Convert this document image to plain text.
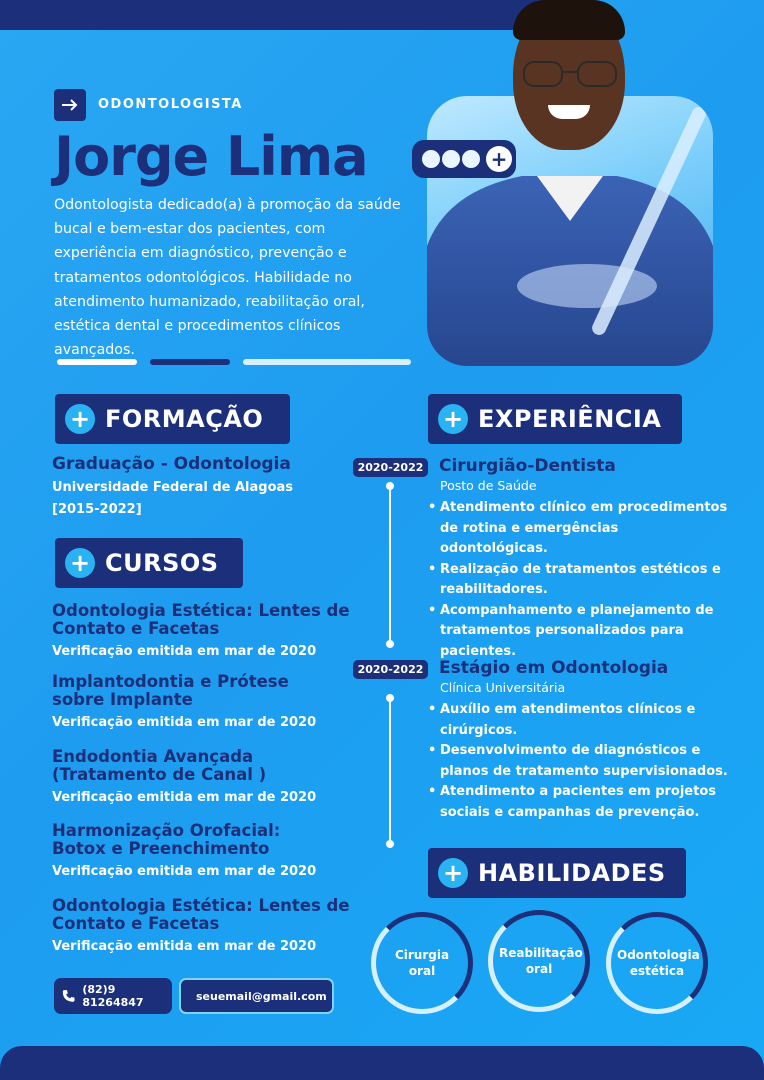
ODONTOLOGISTA
Jorge Lima
Odontologista dedicado(a) à promoção da saúde bucal e bem-estar dos pacientes, com experiência em diagnóstico, prevenção e tratamentos odontológicos. Habilidade no atendimento humanizado, reabilitação oral, estética dental e procedimentos clínicos avançados.
+
+ FORMAÇÃO
Graduação - Odontologia
Universidade Federal de Alagoas
[2015-2022]
+ CURSOS
Odontologia Estética: Lentes de Contato e Facetas
Verificação emitida em mar de 2020
Implantodontia e Prótese sobre Implante
Verificação emitida em mar de 2020
Endodontia Avançada (Tratamento de Canal )
Verificação emitida em mar de 2020
Harmonização Orofacial: Botox e Preenchimento
Verificação emitida em mar de 2020
Odontologia Estética: Lentes de Contato e Facetas
Verificação emitida em mar de 2020
+ EXPERIÊNCIA
2020-2022 Cirurgião-Dentista
Posto de Saúde
• Atendimento clínico em procedimentos de rotina e emergências odontológicas.
• Realização de tratamentos estéticos e reabilitadores.
• Acompanhamento e planejamento de tratamentos personalizados para pacientes.
2020-2022 Estágio em Odontologia
Clínica Universitária
• Auxílio em atendimentos clínicos e cirúrgicos.
• Desenvolvimento de diagnósticos e planos de tratamento supervisionados.
• Atendimento a pacientes em projetos sociais e campanhas de prevenção.
+ HABILIDADES
Cirurgia oral
Reabilitação oral
Odontologia estética
(82)9 81264847	seuemail@gmail.com
